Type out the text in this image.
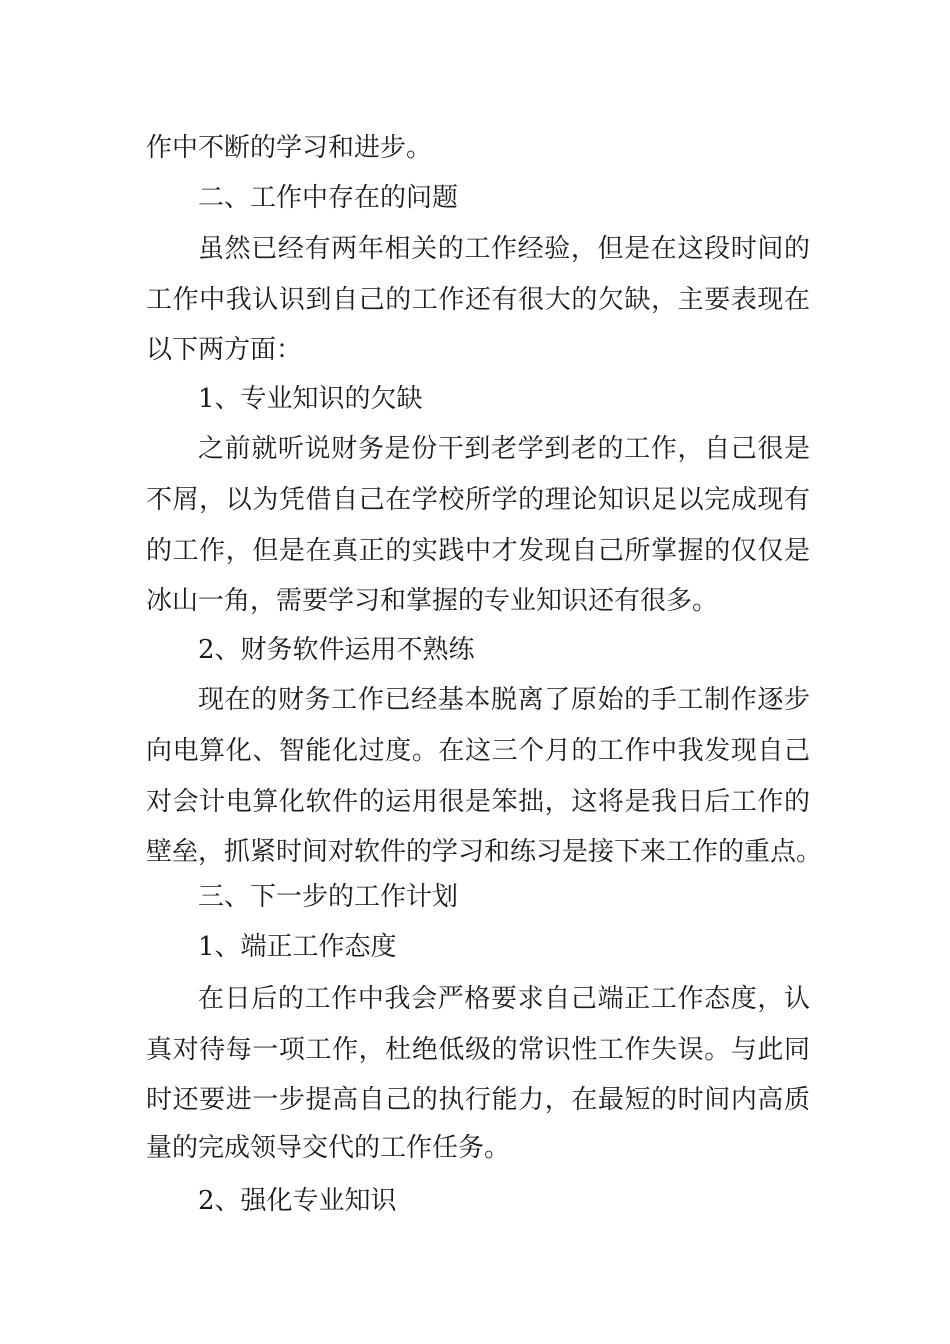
作中不断的学习和进步。

二、工作中存在的问题

虽然已经有两年相关的工作经验，但是在这段时间的

工作中我认识到自己的工作还有很大的欠缺，主要表现在

以下两方面：

1、专业知识的欠缺

之前就听说财务是份干到老学到老的工作，自己很是

不屑，以为凭借自己在学校所学的理论知识足以完成现有

的工作，但是在真正的实践中才发现自己所掌握的仅仅是

冰山一角，需要学习和掌握的专业知识还有很多。

2、财务软件运用不熟练

现在的财务工作已经基本脱离了原始的手工制作逐步

向电算化、智能化过度。在这三个月的工作中我发现自己

对会计电算化软件的运用很是笨拙，这将是我日后工作的

壁垒，抓紧时间对软件的学习和练习是接下来工作的重点。

三、下一步的工作计划

1、端正工作态度

在日后的工作中我会严格要求自己端正工作态度，认

真对待每一项工作，杜绝低级的常识性工作失误。与此同

时还要进一步提高自己的执行能力，在最短的时间内高质

量的完成领导交代的工作任务。

2、强化专业知识
